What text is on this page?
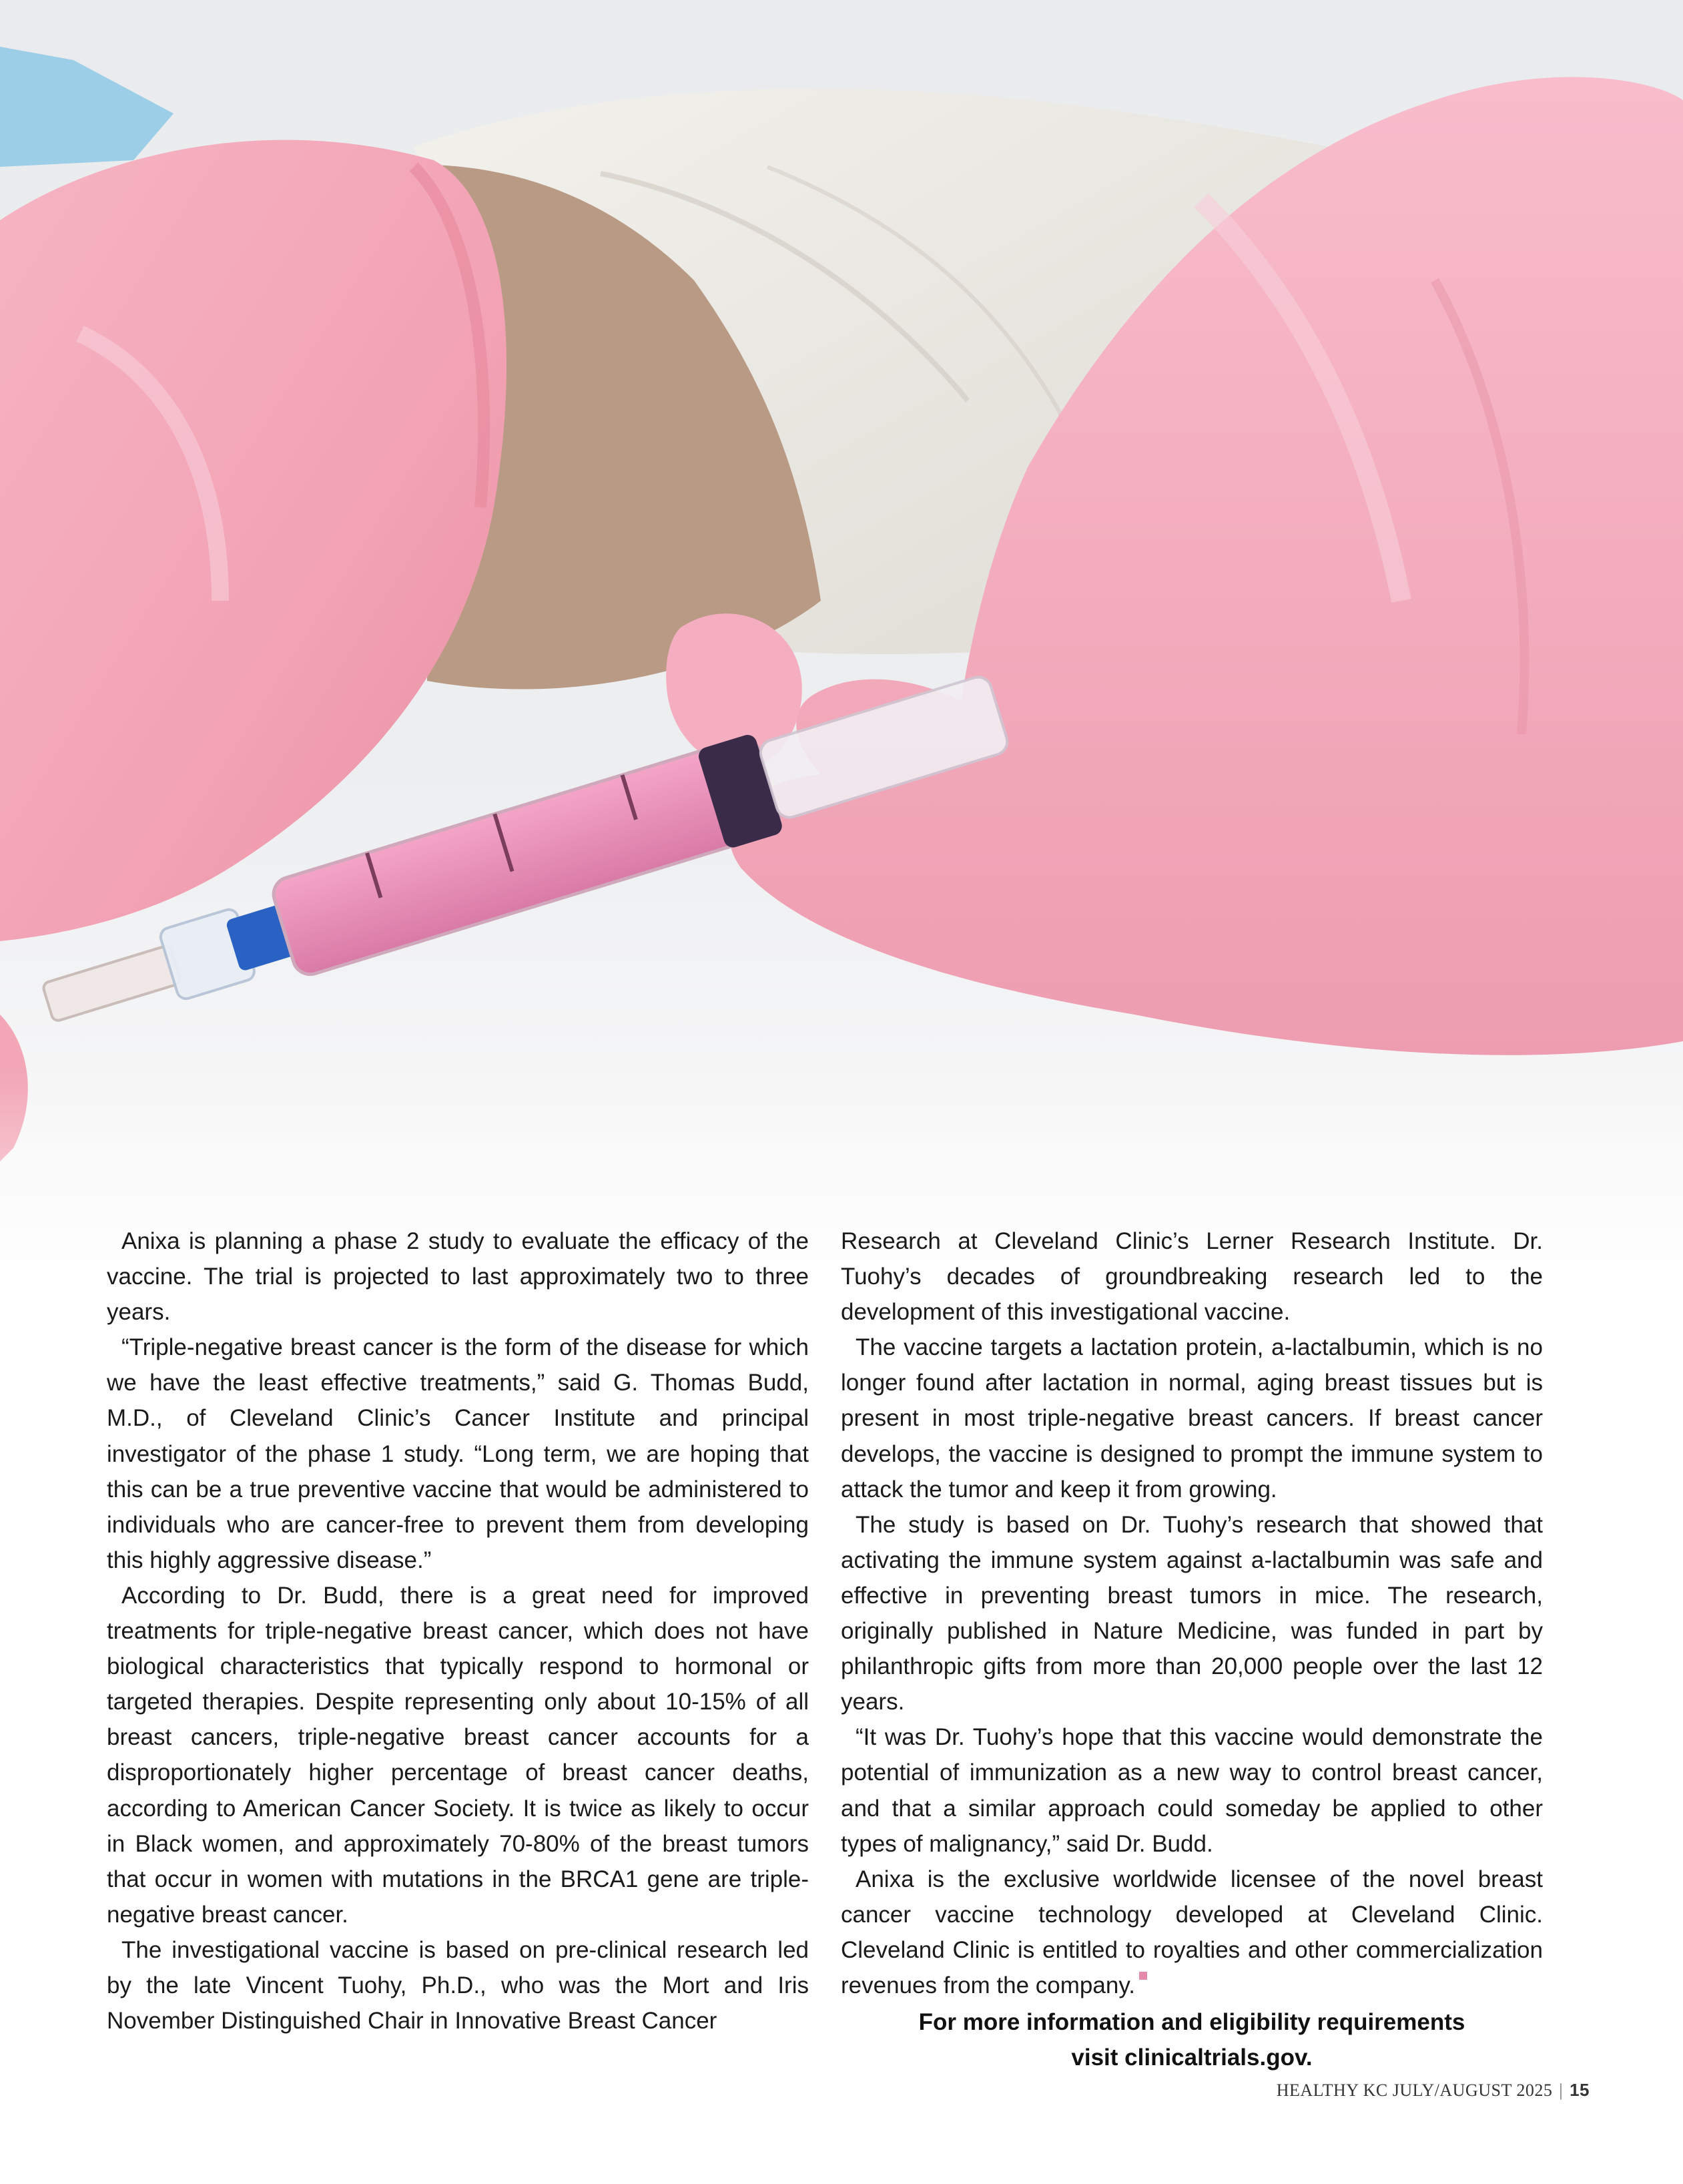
Anixa is planning a phase 2 study to evaluate the efficacy of the vaccine. The trial is projected to last approximately two to three years.

“Triple-negative breast cancer is the form of the disease for which we have the least effective treatments,” said G. Thomas Budd, M.D., of Cleveland Clinic’s Cancer Institute and principal investigator of the phase 1 study. “Long term, we are hoping that this can be a true preventive vaccine that would be administered to individuals who are cancer-free to prevent them from developing this highly aggressive disease.”

According to Dr. Budd, there is a great need for improved treatments for triple-negative breast cancer, which does not have biological characteristics that typically respond to hormonal or targeted therapies. Despite representing only about 10-15% of all breast cancers, triple-negative breast cancer accounts for a disproportionately higher percentage of breast cancer deaths, according to American Cancer Society. It is twice as likely to occur in Black women, and approximately 70-80% of the breast tumors that occur in women with mutations in the BRCA1 gene are triple-negative breast cancer.

The investigational vaccine is based on pre-clinical research led by the late Vincent Tuohy, Ph.D., who was the Mort and Iris November Distinguished Chair in Innovative Breast Cancer

Research at Cleveland Clinic’s Lerner Research Institute. Dr. Tuohy’s decades of groundbreaking research led to the development of this investigational vaccine.

The vaccine targets a lactation protein, a-lactalbumin, which is no longer found after lactation in normal, aging breast tissues but is present in most triple-negative breast cancers. If breast cancer develops, the vaccine is designed to prompt the immune system to attack the tumor and keep it from growing.

The study is based on Dr. Tuohy’s research that showed that activating the immune system against a-lactalbumin was safe and effective in preventing breast tumors in mice. The research, originally published in Nature Medicine, was funded in part by philanthropic gifts from more than 20,000 people over the last 12 years.

“It was Dr. Tuohy’s hope that this vaccine would demonstrate the potential of immunization as a new way to control breast cancer, and that a similar approach could someday be applied to other types of malignancy,” said Dr. Budd.

Anixa is the exclusive worldwide licensee of the novel breast cancer vaccine technology developed at Cleveland Clinic. Cleveland Clinic is entitled to royalties and other commercialization revenues from the company.

For more information and eligibility requirements
visit clinicaltrials.gov.
HEALTHY KC JULY/AUGUST 2025 | 15
